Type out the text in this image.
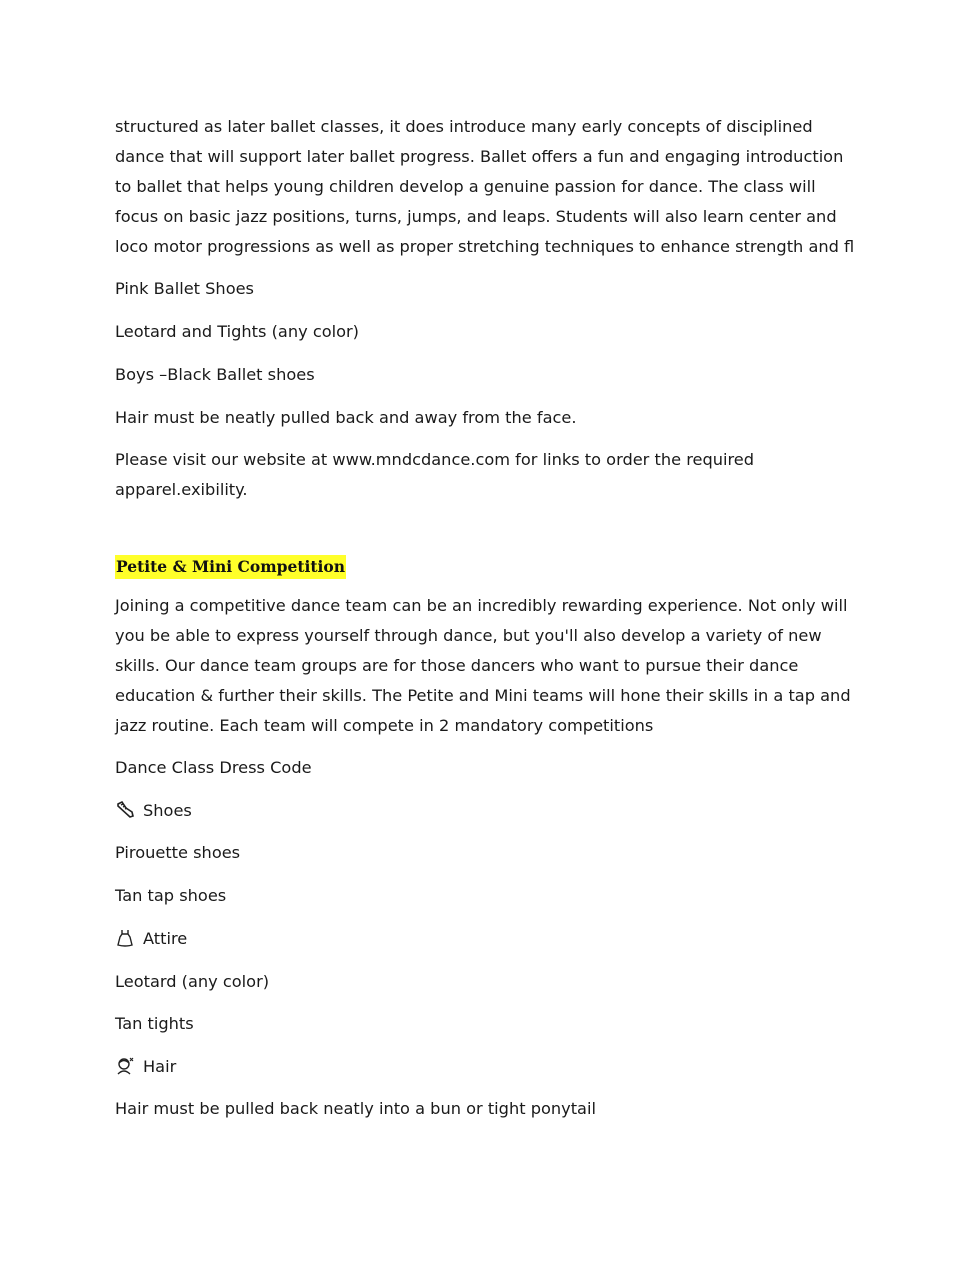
structured as later ballet classes, it does introduce many early concepts of disciplined
dance that will support later ballet progress. Ballet offers a fun and engaging introduction
to ballet that helps young children develop a genuine passion for dance. The class will
focus on basic jazz positions, turns, jumps, and leaps. Students will also learn center and
loco motor progressions as well as proper stretching techniques to enhance strength and fl
Pink Ballet Shoes
Leotard and Tights (any color)
Boys –Black Ballet shoes
Hair must be neatly pulled back and away from the face.
Please visit our website at www.mndcdance.com for links to order the required
apparel.exibility.
Petite & Mini Competition
Joining a competitive dance team can be an incredibly rewarding experience. Not only will
you be able to express yourself through dance, but you'll also develop a variety of new
skills. Our dance team groups are for those dancers who want to pursue their dance
education & further their skills. The Petite and Mini teams will hone their skills in a tap and
jazz routine. Each team will compete in 2 mandatory competitions
Dance Class Dress Code
Shoes
Pirouette shoes
Tan tap shoes
Attire
Leotard (any color)
Tan tights
Hair
Hair must be pulled back neatly into a bun or tight ponytail
